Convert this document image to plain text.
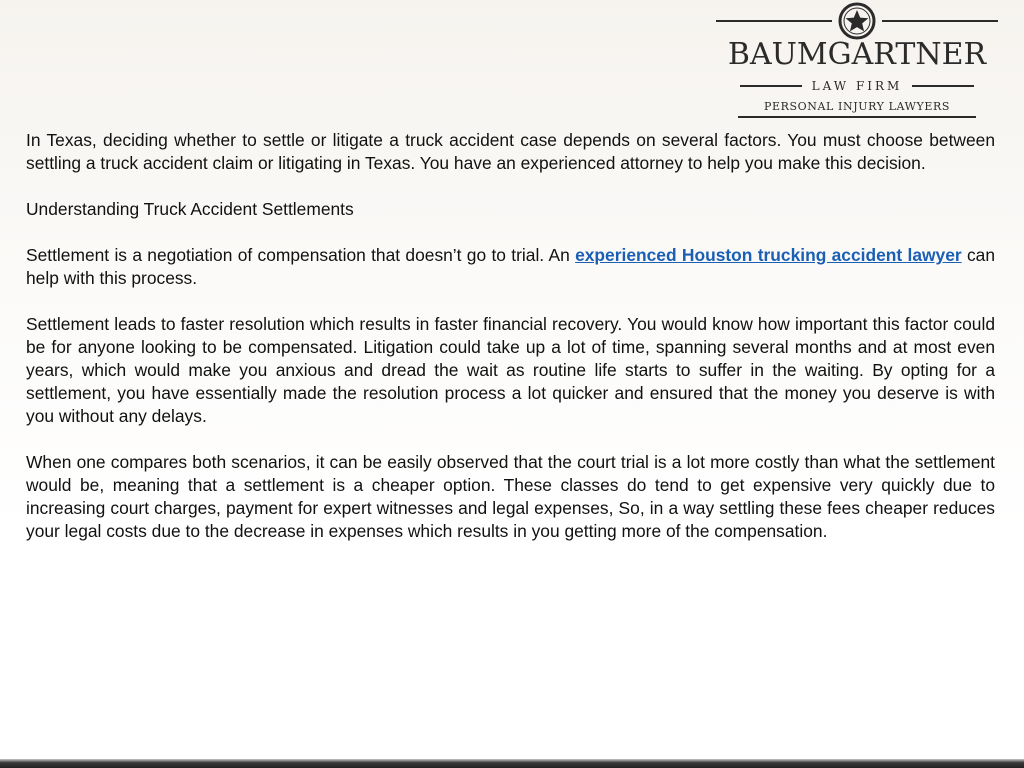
BAUMGARTNER
LAW FIRM
PERSONAL INJURY LAWYERS

In Texas, deciding whether to settle or litigate a truck accident case depends on several factors. You must choose between settling a truck accident claim or litigating in Texas. You have an experienced attorney to help you make this decision.

Understanding Truck Accident Settlements

Settlement is a negotiation of compensation that doesn’t go to trial. An experienced Houston trucking accident lawyer can help with this process.

Settlement leads to faster resolution which results in faster financial recovery. You would know how important this factor could be for anyone looking to be compensated. Litigation could take up a lot of time, spanning several months and at most even years, which would make you anxious and dread the wait as routine life starts to suffer in the waiting. By opting for a settlement, you have essentially made the resolution process a lot quicker and ensured that the money you deserve is with you without any delays.

When one compares both scenarios, it can be easily observed that the court trial is a lot more costly than what the settlement would be, meaning that a settlement is a cheaper option. These classes do tend to get expensive very quickly due to increasing court charges, payment for expert witnesses and legal expenses, So, in a way settling these fees cheaper reduces your legal costs due to the decrease in expenses which results in you getting more of the compensation.
